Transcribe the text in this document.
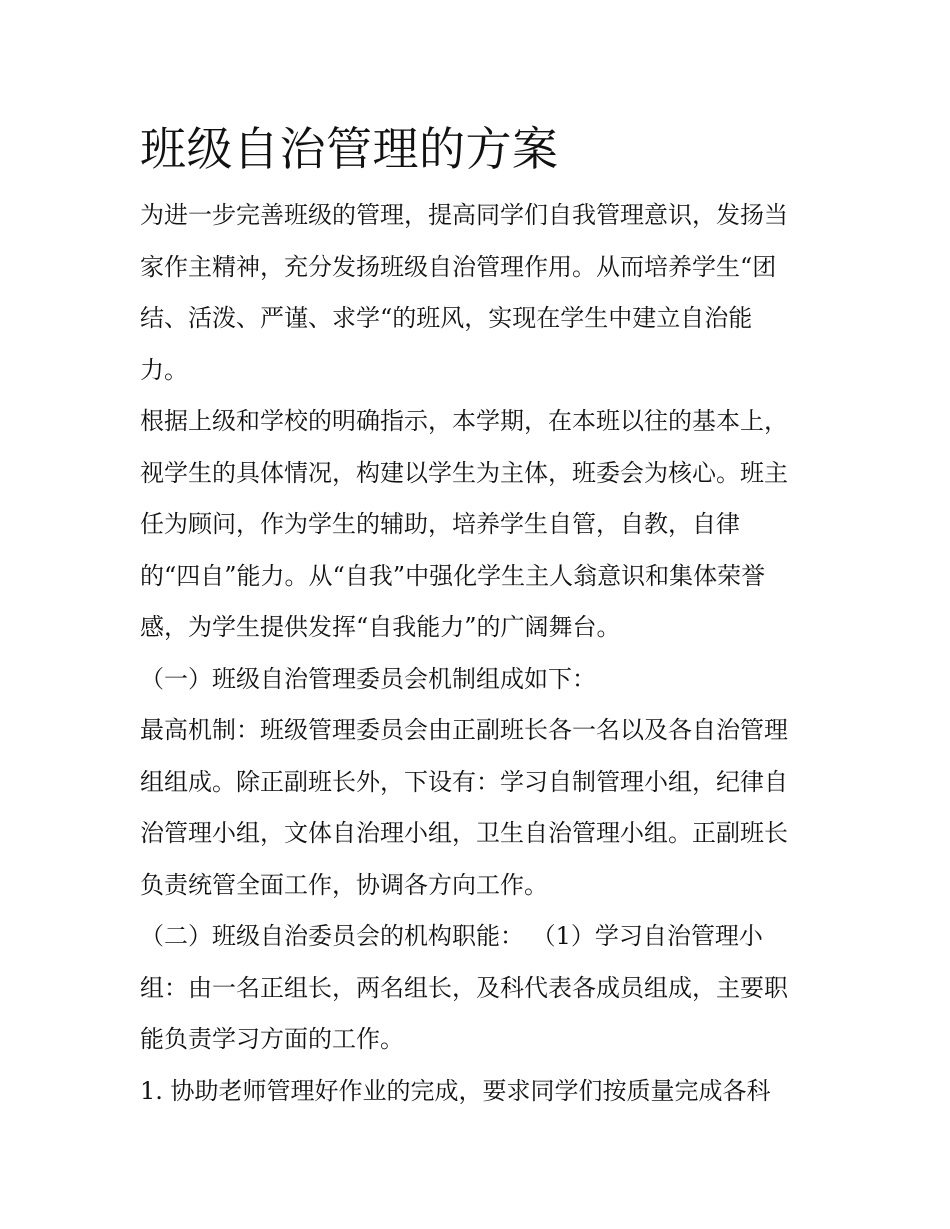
班级自治管理的方案

为进一步完善班级的管理，提高同学们自我管理意识，发扬当
家作主精神，充分发扬班级自治管理作用。从而培养学生“团
结、活泼、严谨、求学“的班风，实现在学生中建立自治能
力。

根据上级和学校的明确指示，本学期，在本班以往的基本上，
视学生的具体情况，构建以学生为主体，班委会为核心。班主
任为顾问，作为学生的辅助，培养学生自管，自教，自律
的“四自”能力。从“自我”中强化学生主人翁意识和集体荣誉
感，为学生提供发挥“自我能力”的广阔舞台。

（一）班级自治管理委员会机制组成如下：

最高机制：班级管理委员会由正副班长各一名以及各自治管理
组组成。除正副班长外，下设有：学习自制管理小组，纪律自
治管理小组，文体自治理小组，卫生自治管理小组。正副班长
负责统管全面工作，协调各方向工作。

（二）班级自治委员会的机构职能： （1）学习自治管理小
组：由一名正组长，两名组长，及科代表各成员组成，主要职
能负责学习方面的工作。

1. 协助老师管理好作业的完成，要求同学们按质量完成各科
